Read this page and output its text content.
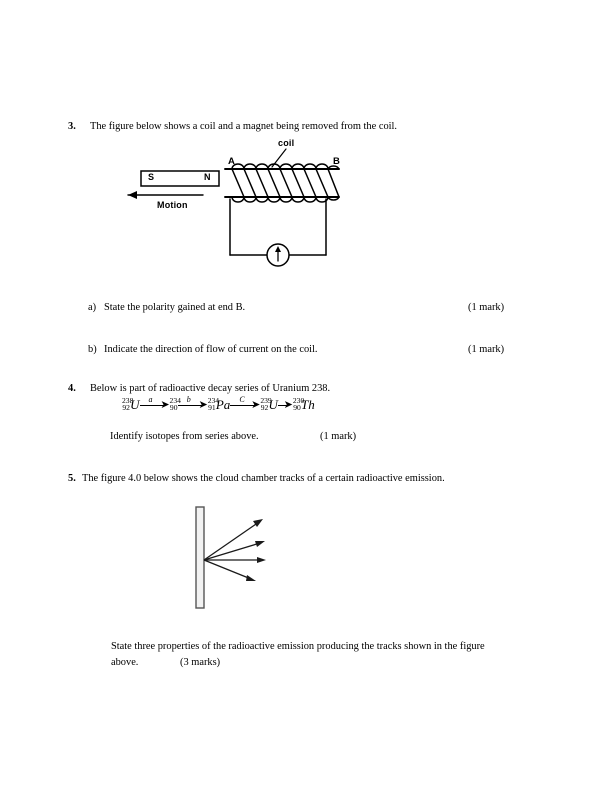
3. The figure below shows a coil and a magnet being removed from the coil.
coil
A	B
S	N
Motion
a) State the polarity gained at end B.	(1 mark)
b) Indicate the direction of flow of current on the coil.	(1 mark)
4. Below is part of radioactive decay series of Uranium 238.
238
92 U a ➤ 234
90
b ➤ 234
91 Pa C ➤ 239
92 U ➤ 230
90 Th
Identify isotopes from series above.	(1 mark)
5. The figure 4.0 below shows the cloud chamber tracks of a certain radioactive emission.
State three properties of the radioactive emission producing the tracks shown in the figure
above.	(3 marks)
